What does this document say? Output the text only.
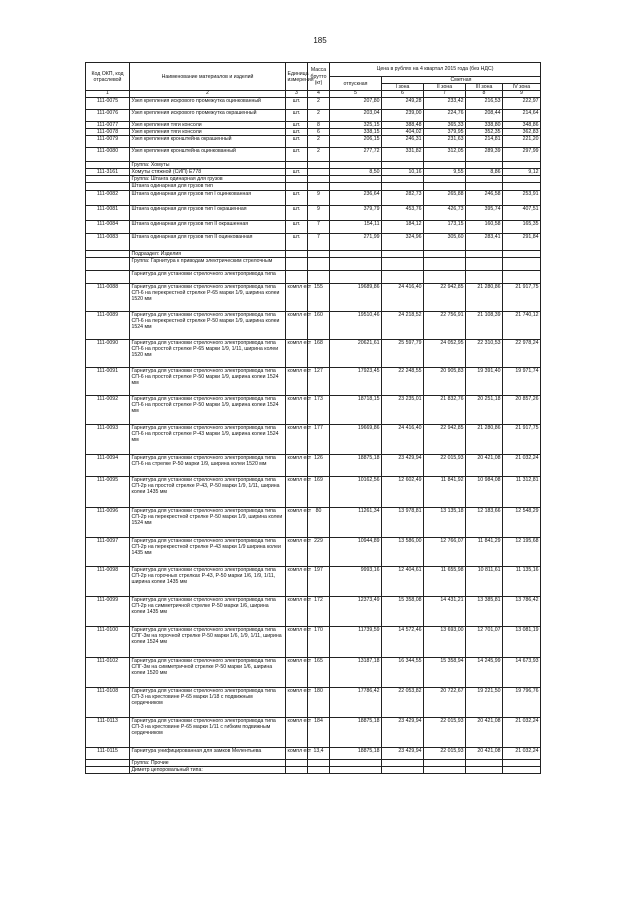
185
Код ОКП, код отраслевой	Наименование материалов и изделий	Единица измерения	Масса брутто (кг)	Цена в рублях на 4 квартал 2015 года (без НДС)				
				отпускная	Сметная			
					I зона	II зона	III зона	IV зона
1	2	3	4	5	6	7	8	9
111-0075	Узел крепления искрового промежутка оцинкованный	шт.	2	207,80	249,28	233,42	216,53	222,97
111-0076	Узел крепления искрового промежутка окрашенный	шт.	2	203,04	239,00	224,76	208,44	214,64
111-0077	Узел крепления тяги консоли	шт.	8	325,15	388,48	365,33	338,80	348,86
111-0078	Узел крепления тяги консоли	шт.	6	338,15	404,02	379,95	352,35	362,83
111-0079	Узел крепления кронштейна окрашенный	шт.	2	206,15	246,31	231,63	214,81	221,20
111-0080	Узел крепления кронштейна оцинкованный	шт.	2	277,72	331,82	312,05	289,39	297,99
	Группа: Хомуты							
111-3161	Хомуты стяжной (СИП) Е778	шт.		8,50	10,16	9,55	8,86	9,12
	Группа: Штанга одинарная для грузов							
	Штанга одинарная для грузов тип							
111-0082	Штанга одинарная для грузов тип I оцинкованная	шт.	9	236,64	282,73	265,88	246,58	253,91
111-0081	Штанга одинарная для грузов тип I окрашенная	шт.	9	379,79	453,76	426,73	395,74	407,51
111-0084	Штанга одинарная для грузов тип II окрашенная	шт.	7	154,11	184,12	173,15	160,58	165,35
111-0083	Штанга одинарная для грузов тип II оцинкованная	шт.	7	271,99	324,96	305,60	283,41	291,84
	Подраздел: Изделия							
	Группа: Гарнитура к приводам электрическим стрелочным							
	Гарнитура для установки стрелочного электропривода типа							
111-0088	Гарнитура для установки стрелочного электропривода типа СП-6 на перекрестной стрелке Р-65 марки 1/9, ширина колеи 1520 мм	компл ект	155	19689,86	24 416,40	22 942,85	21 280,86	21 917,75
111-0089	Гарнитура для установки стрелочного электропривода типа СП-6 на перекрестной стрелке Р-50 марки 1/9, ширина колеи 1524 мм	компл ект	160	19510,46	24 218,52	22 756,91	21 108,39	21 740,12
111-0090	Гарнитура для установки стрелочного электропривода типа СП-6 на простой стрелке Р-65 марки 1/9, 1/11, ширина колеи 1520 мм	компл ект	168	20621,61	25 597,79	24 052,95	22 310,53	22 978,24
111-0091	Гарнитура для установки стрелочного электропривода типа СП-6 на простой стрелке Р-50 марки 1/9, ширина колеи 1524 мм	компл ект	127	17923,45	22 248,55	20 905,83	19 391,40	19 971,74
111-0092	Гарнитура для установки стрелочного электропривода типа СП-6 на простой стрелке Р-50 марки 1/9, ширина колеи 1524 мм	компл ект	173	18718,15	23 235,01	21 832,76	20 251,18	20 857,26
111-0093	Гарнитура для установки стрелочного электропривода типа СП-6 на простой стрелке Р-43 марки 1/9, ширина колеи 1524 мм	компл ект	177	19669,86	24 416,40	22 942,85	21 280,86	21 917,75
111-0094	Гарнитура для установки стрелочного электропривода типа СП-6 на стрелке Р-50 марки 1/9, ширина колеи 1520 мм	компл ект	126	18875,18	23 429,94	22 015,93	20 421,08	21 032,24
111-0095	Гарнитура для установки стрелочного электропривода типа СП-2р на простой стрелке Р-43, Р-50 марки 1/9, 1/11, ширина колеи 1435 мм	компл ект	169	10162,56	12 602,49	11 841,92	10 984,08	11 312,81
111-0096	Гарнитура для установки стрелочного электропривода типа СП-2р на перекрестной стрелке Р-50 марки 1/9, ширина колеи 1524 мм	компл ект	80	11261,34	13 978,81	13 135,18	12 183,66	12 548,29
111-0097	Гарнитура для установки стрелочного электропривода типа СП-2р на перекрестной стрелке Р-43 марки 1/9 ширина колеи 1435 мм	компл ект	229	10944,89	13 586,00	12 766,07	11 841,29	12 195,68
111-0098	Гарнитура для установки стрелочного электропривода типа СП-2р на горочных стрелках Р-43, Р-50 марки 1/6, 1/9, 1/11, ширина колеи 1435 мм	компл ект	197	9993,16	12 404,61	11 655,98	10 811,61	11 135,16
111-0099	Гарнитура для установки стрелочного электропривода типа СП-2р на симметричной стрелке Р-50 марки 1/6, ширина колеи 1435 мм	компл ект	172	12373,49	15 358,08	14 431,21	13 385,81	13 786,42
111-0100	Гарнитура для установки стрелочного электропривода типа СПГ-3м на горочной стрелке Р-50 марки 1/6, 1/9, 1/11, ширина колеи 1524 мм	компл ект	170	11739,59	14 572,46	13 693,00	12 701,07	13 081,19
111-0102	Гарнитура для установки стрелочного электропривода типа СПГ-3м на симметричной стрелке Р-50 марки 1/6, ширина колеи 1520 мм	компл ект	165	13187,18	16 344,55	15 358,94	14 245,99	14 673,93
111-0108	Гарнитура для установки стрелочного электропривода типа СП-3 на крестовине Р-65 марки 1/18 с подвижным сердечником	компл ект	180	17786,42	22 053,82	20 722,67	19 221,50	19 796,76
111-0113	Гарнитура для установки стрелочного электропривода типа СП-3 на крестовине Р-65 марки 1/11 с гибким подвижным сердечником	компл ект	184	18875,18	23 429,94	22 015,93	20 421,08	21 032,24
111-0115	Гарнитура унифицированная для замков Мелентьева	компл ект	13,4	18875,18	23 429,94	22 015,93	20 421,08	21 032,24
	Группа: Прочие							
	Диметр цепоровальный типа:							
